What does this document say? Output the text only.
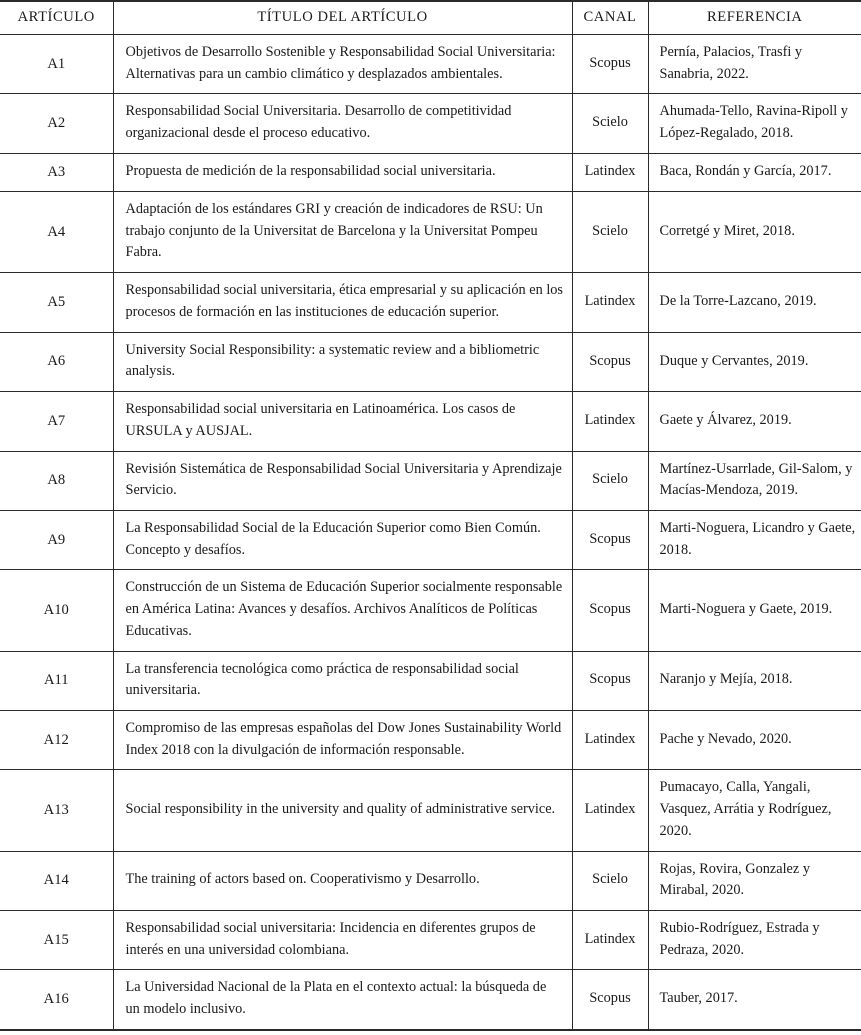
ARTÍCULO	TÍTULO DEL ARTÍCULO	CANAL	REFERENCIA
A1	Objetivos de Desarrollo Sostenible y Responsabilidad Social Universitaria: Alternativas para un cambio climático y desplazados ambientales.	Scopus	Pernía, Palacios, Trasfi y Sanabria, 2022.
A2	Responsabilidad Social Universitaria. Desarrollo de competitividad organizacional desde el proceso educativo.	Scielo	Ahumada-Tello, Ravina-Ripoll y López-Regalado, 2018.
A3	Propuesta de medición de la responsabilidad social universitaria.	Latindex	Baca, Rondán y García, 2017.
A4	Adaptación de los estándares GRI y creación de indicadores de RSU: Un trabajo conjunto de la Universitat de Barcelona y la Universitat Pompeu Fabra.	Scielo	Corretgé y Miret, 2018.
A5	Responsabilidad social universitaria, ética empresarial y su aplicación en los procesos de formación en las instituciones de educación superior.	Latindex	De la Torre-Lazcano, 2019.
A6	University Social Responsibility: a systematic review and a bibliometric analysis.	Scopus	Duque y Cervantes, 2019.
A7	Responsabilidad social universitaria en Latinoamérica. Los casos de URSULA y AUSJAL.	Latindex	Gaete y Álvarez, 2019.
A8	Revisión Sistemática de Responsabilidad Social Universitaria y Aprendizaje Servicio.	Scielo	Martínez-Usarrlade, Gil-Salom, y Macías-Mendoza, 2019.
A9	La Responsabilidad Social de la Educación Superior como Bien Común. Concepto y desafíos.	Scopus	Marti-Noguera, Licandro y Gaete, 2018.
A10	Construcción de un Sistema de Educación Superior socialmente responsable en América Latina: Avances y desafíos. Archivos Analíticos de Políticas Educativas.	Scopus	Marti-Noguera y Gaete, 2019.
A11	La transferencia tecnológica como práctica de responsabilidad social universitaria.	Scopus	Naranjo y Mejía, 2018.
A12	Compromiso de las empresas españolas del Dow Jones Sustainability World Index 2018 con la divulgación de información responsable.	Latindex	Pache y Nevado, 2020.
A13	Social responsibility in the university and quality of administrative service.	Latindex	Pumacayo, Calla, Yangali, Vasquez, Arrátia y Rodríguez, 2020.
A14	The training of actors based on. Cooperativismo y Desarrollo.	Scielo	Rojas, Rovira, Gonzalez y Mirabal, 2020.
A15	Responsabilidad social universitaria: Incidencia en diferentes grupos de interés en una universidad colombiana.	Latindex	Rubio-Rodríguez, Estrada y Pedraza, 2020.
A16	La Universidad Nacional de la Plata en el contexto actual: la búsqueda de un modelo inclusivo.	Scopus	Tauber, 2017.
